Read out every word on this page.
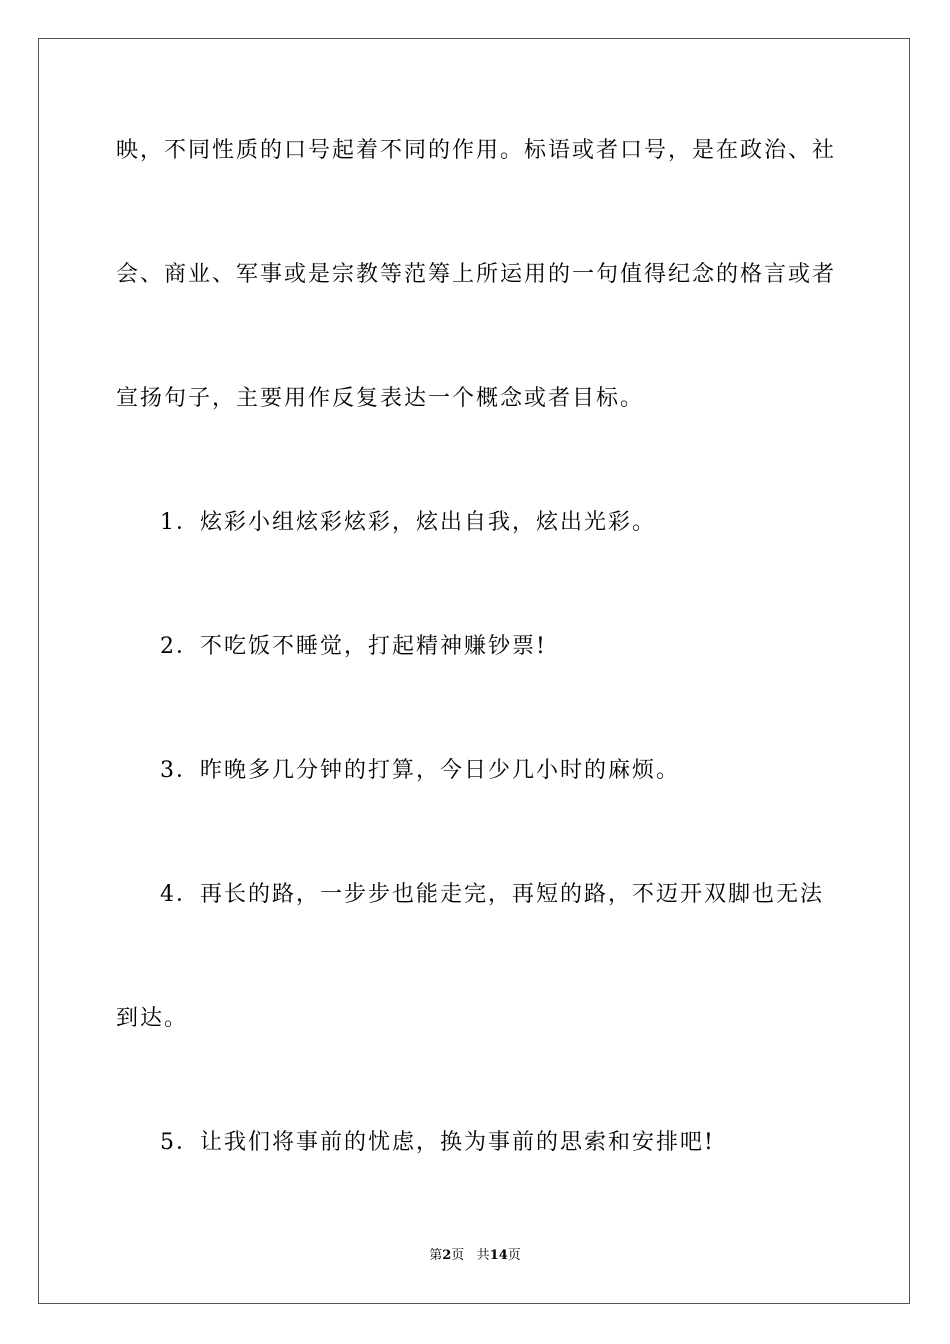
映，不同性质的口号起着不同的作用。标语或者口号，是在政治、社
会、商业、军事或是宗教等范筹上所运用的一句值得纪念的格言或者
宣扬句子，主要用作反复表达一个概念或者目标。
1．炫彩小组炫彩炫彩，炫出自我，炫出光彩。
2．不吃饭不睡觉，打起精神赚钞票!
3．昨晚多几分钟的打算，今日少几小时的麻烦。
4．再长的路，一步步也能走完，再短的路，不迈开双脚也无法
到达。
5．让我们将事前的忧虑，换为事前的思索和安排吧!
第2页 共14页
